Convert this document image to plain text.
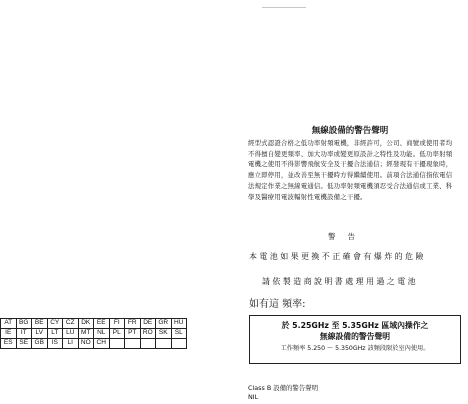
AT	BG	BE	CY	CZ	DK	EE	FI	FR	DE	GR	HU
IE	IT	LV	LT	LU	MT	NL	PL	PT	RO	SK	SL
ES	SE	GB	IS	LI	NO	CH					
無線設備的警告聲明
經型式認證合格之低功率射頻電機，非經許可，公司、商號或使用者均不得擅自變更頻率、加大功率或變更原設計之特性及功能。低功率射頻電機之使用不得影響飛航安全及干擾合法通信；經發現有干擾現象時，應立即停用，並改善至無干擾時方得繼續使用。前項合法通信指依電信法規定作業之無線電通信。低功率射頻電機須忍受合法通信或工業、科學及醫療用電波輻射性電機設備之干擾。
警告
本電池如果更換不正確會有爆炸的危險
請依製造商說明書處理用過之電池
如有這 頻率:
於 5.25GHz 至 5.35GHz 區域內操作之
無線設備的警告聲明
工作頻率 5.250 ～ 5.350GHz 該頻段限於室內使用。
Class B 設備的警告聲明
NIL
